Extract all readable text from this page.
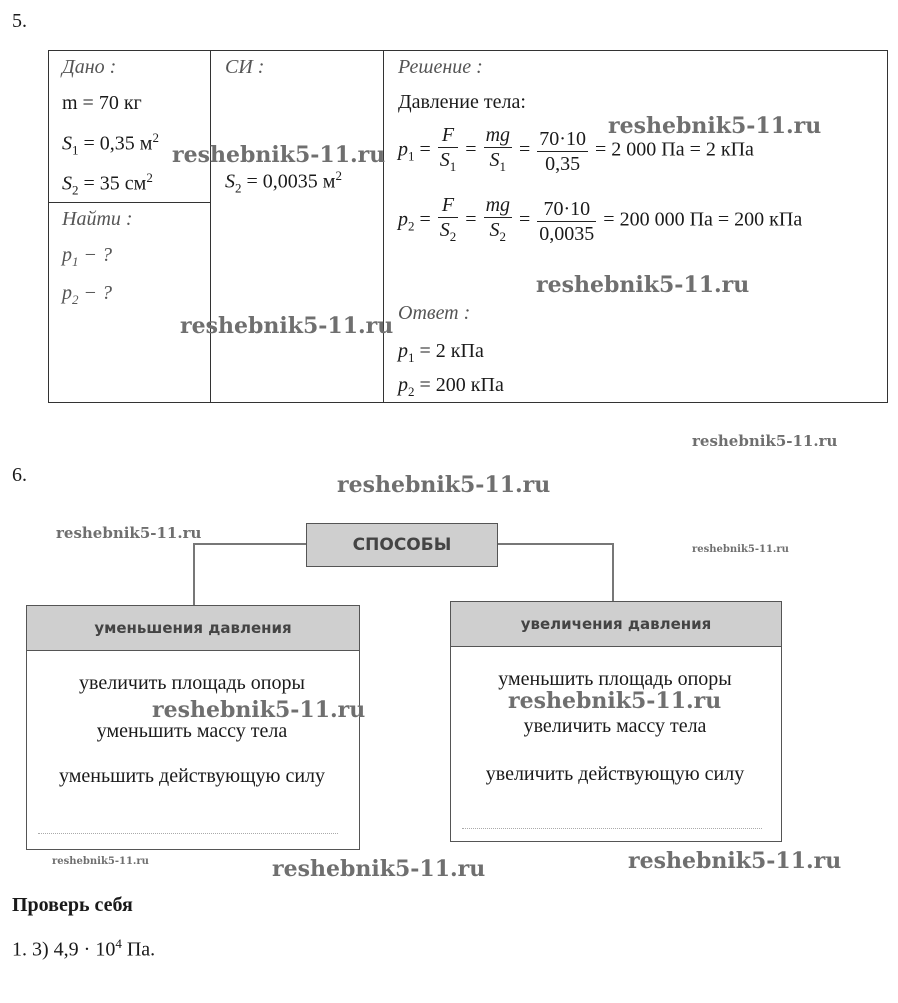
5.
Дано :
m = 70 кг
$S_1 = 0,35$ $м^2$
$S_2 = 35$ $см^2$
Найти :
$p_1$ − ?
$p_2$ − ?
СИ :
$S_2 = 0,0035$ $м^2$
Решение :
Давление тела:
$p_1 = \frac{F}{S_1} = \frac{mg}{S_1} = \frac{70\cdot 10}{0,35} = 2$ 000 Па = 2 кПа
$p_2 = \frac{F}{S_2} = \frac{mg}{S_2} = \frac{70\cdot 10}{0,0035} = 200$ 000 Па = 200 кПа
Ответ :
$p_1 = 2$ кПа
$p_2 = 200$ кПа
6.
СПОСОБЫ
уменьшения давления
увеличить площадь опоры
уменьшить массу тела
уменьшить действующую силу
увеличения давления
уменьшить площадь опоры
увеличить массу тела
увеличить действующую силу
Проверь себя
1. 3) $4,9 \cdot 10^4$ Па.
reshebnik5-11.ru
reshebnik5-11.ru
reshebnik5-11.ru
reshebnik5-11.ru
reshebnik5-11.ru
reshebnik5-11.ru
reshebnik5-11.ru
reshebnik5-11.ru
reshebnik5-11.ru
reshebnik5-11.ru
reshebnik5-11.ru
reshebnik5-11.ru
reshebnik5-11.ru
